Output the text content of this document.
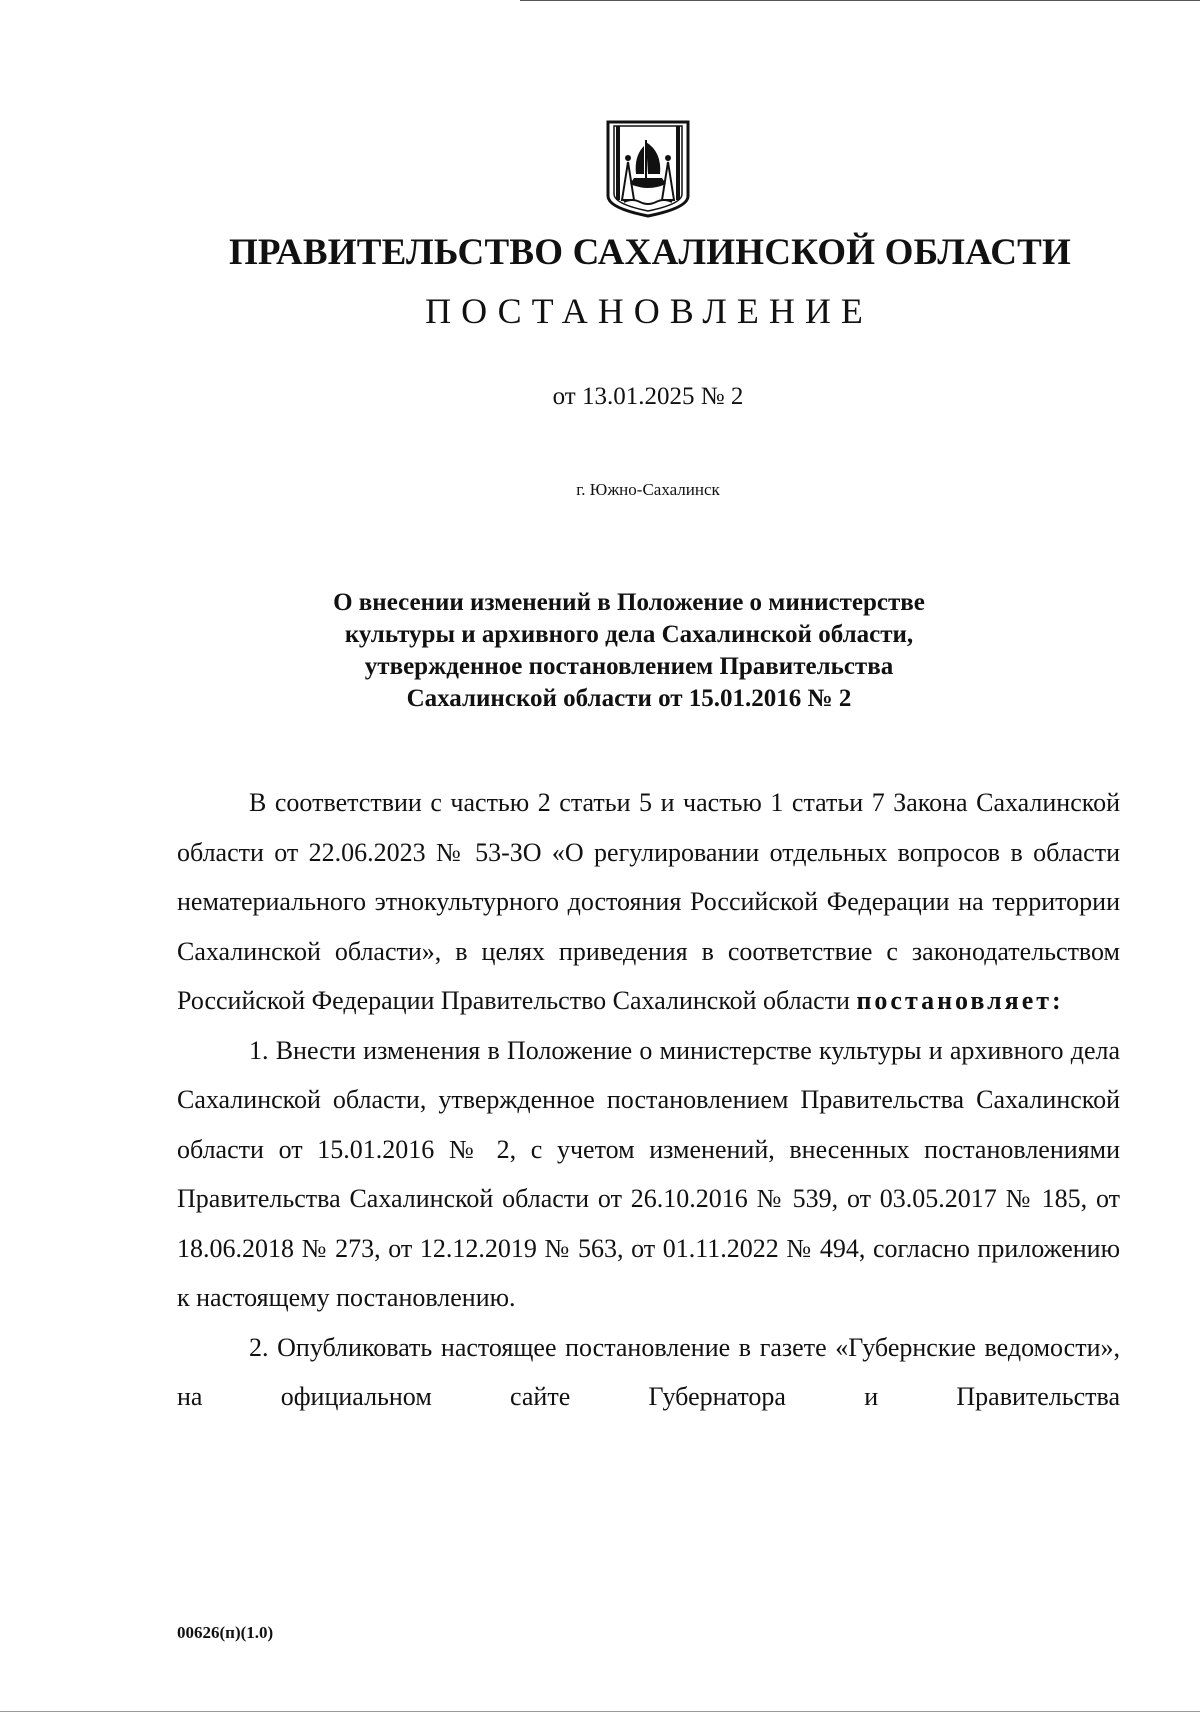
ПРАВИТЕЛЬСТВО САХАЛИНСКОЙ ОБЛАСТИ
ПОСТАНОВЛЕНИЕ
от 13.01.2025 № 2
г. Южно-Сахалинск
О внесении изменений в Положение о министерстве
культуры и архивного дела Сахалинской области,
утвержденное постановлением Правительства
Сахалинской области от 15.01.2016 № 2

В соответствии с частью 2 статьи 5 и частью 1 статьи 7 Закона Сахалинской области от 22.06.2023 № 53-ЗО «О регулировании отдельных вопросов в области нематериального этнокультурного достояния Российской Федерации на территории Сахалинской области», в целях приведения в соответствие с законодательством Российской Федерации Правительство Сахалинской области постановляет:

1. Внести изменения в Положение о министерстве культуры и архивного дела Сахалинской области, утвержденное постановлением Правительства Сахалинской области от 15.01.2016 № 2, с учетом изменений, внесенных постановлениями Правительства Сахалинской области от 26.10.2016 № 539, от 03.05.2017 № 185, от 18.06.2018 № 273, от 12.12.2019 № 563, от 01.11.2022 № 494, согласно приложению к настоящему постановлению.

2. Опубликовать настоящее постановление в газете «Губернские ведомости», на официальном сайте Губернатора и Правительства

00626(п)(1.0)
